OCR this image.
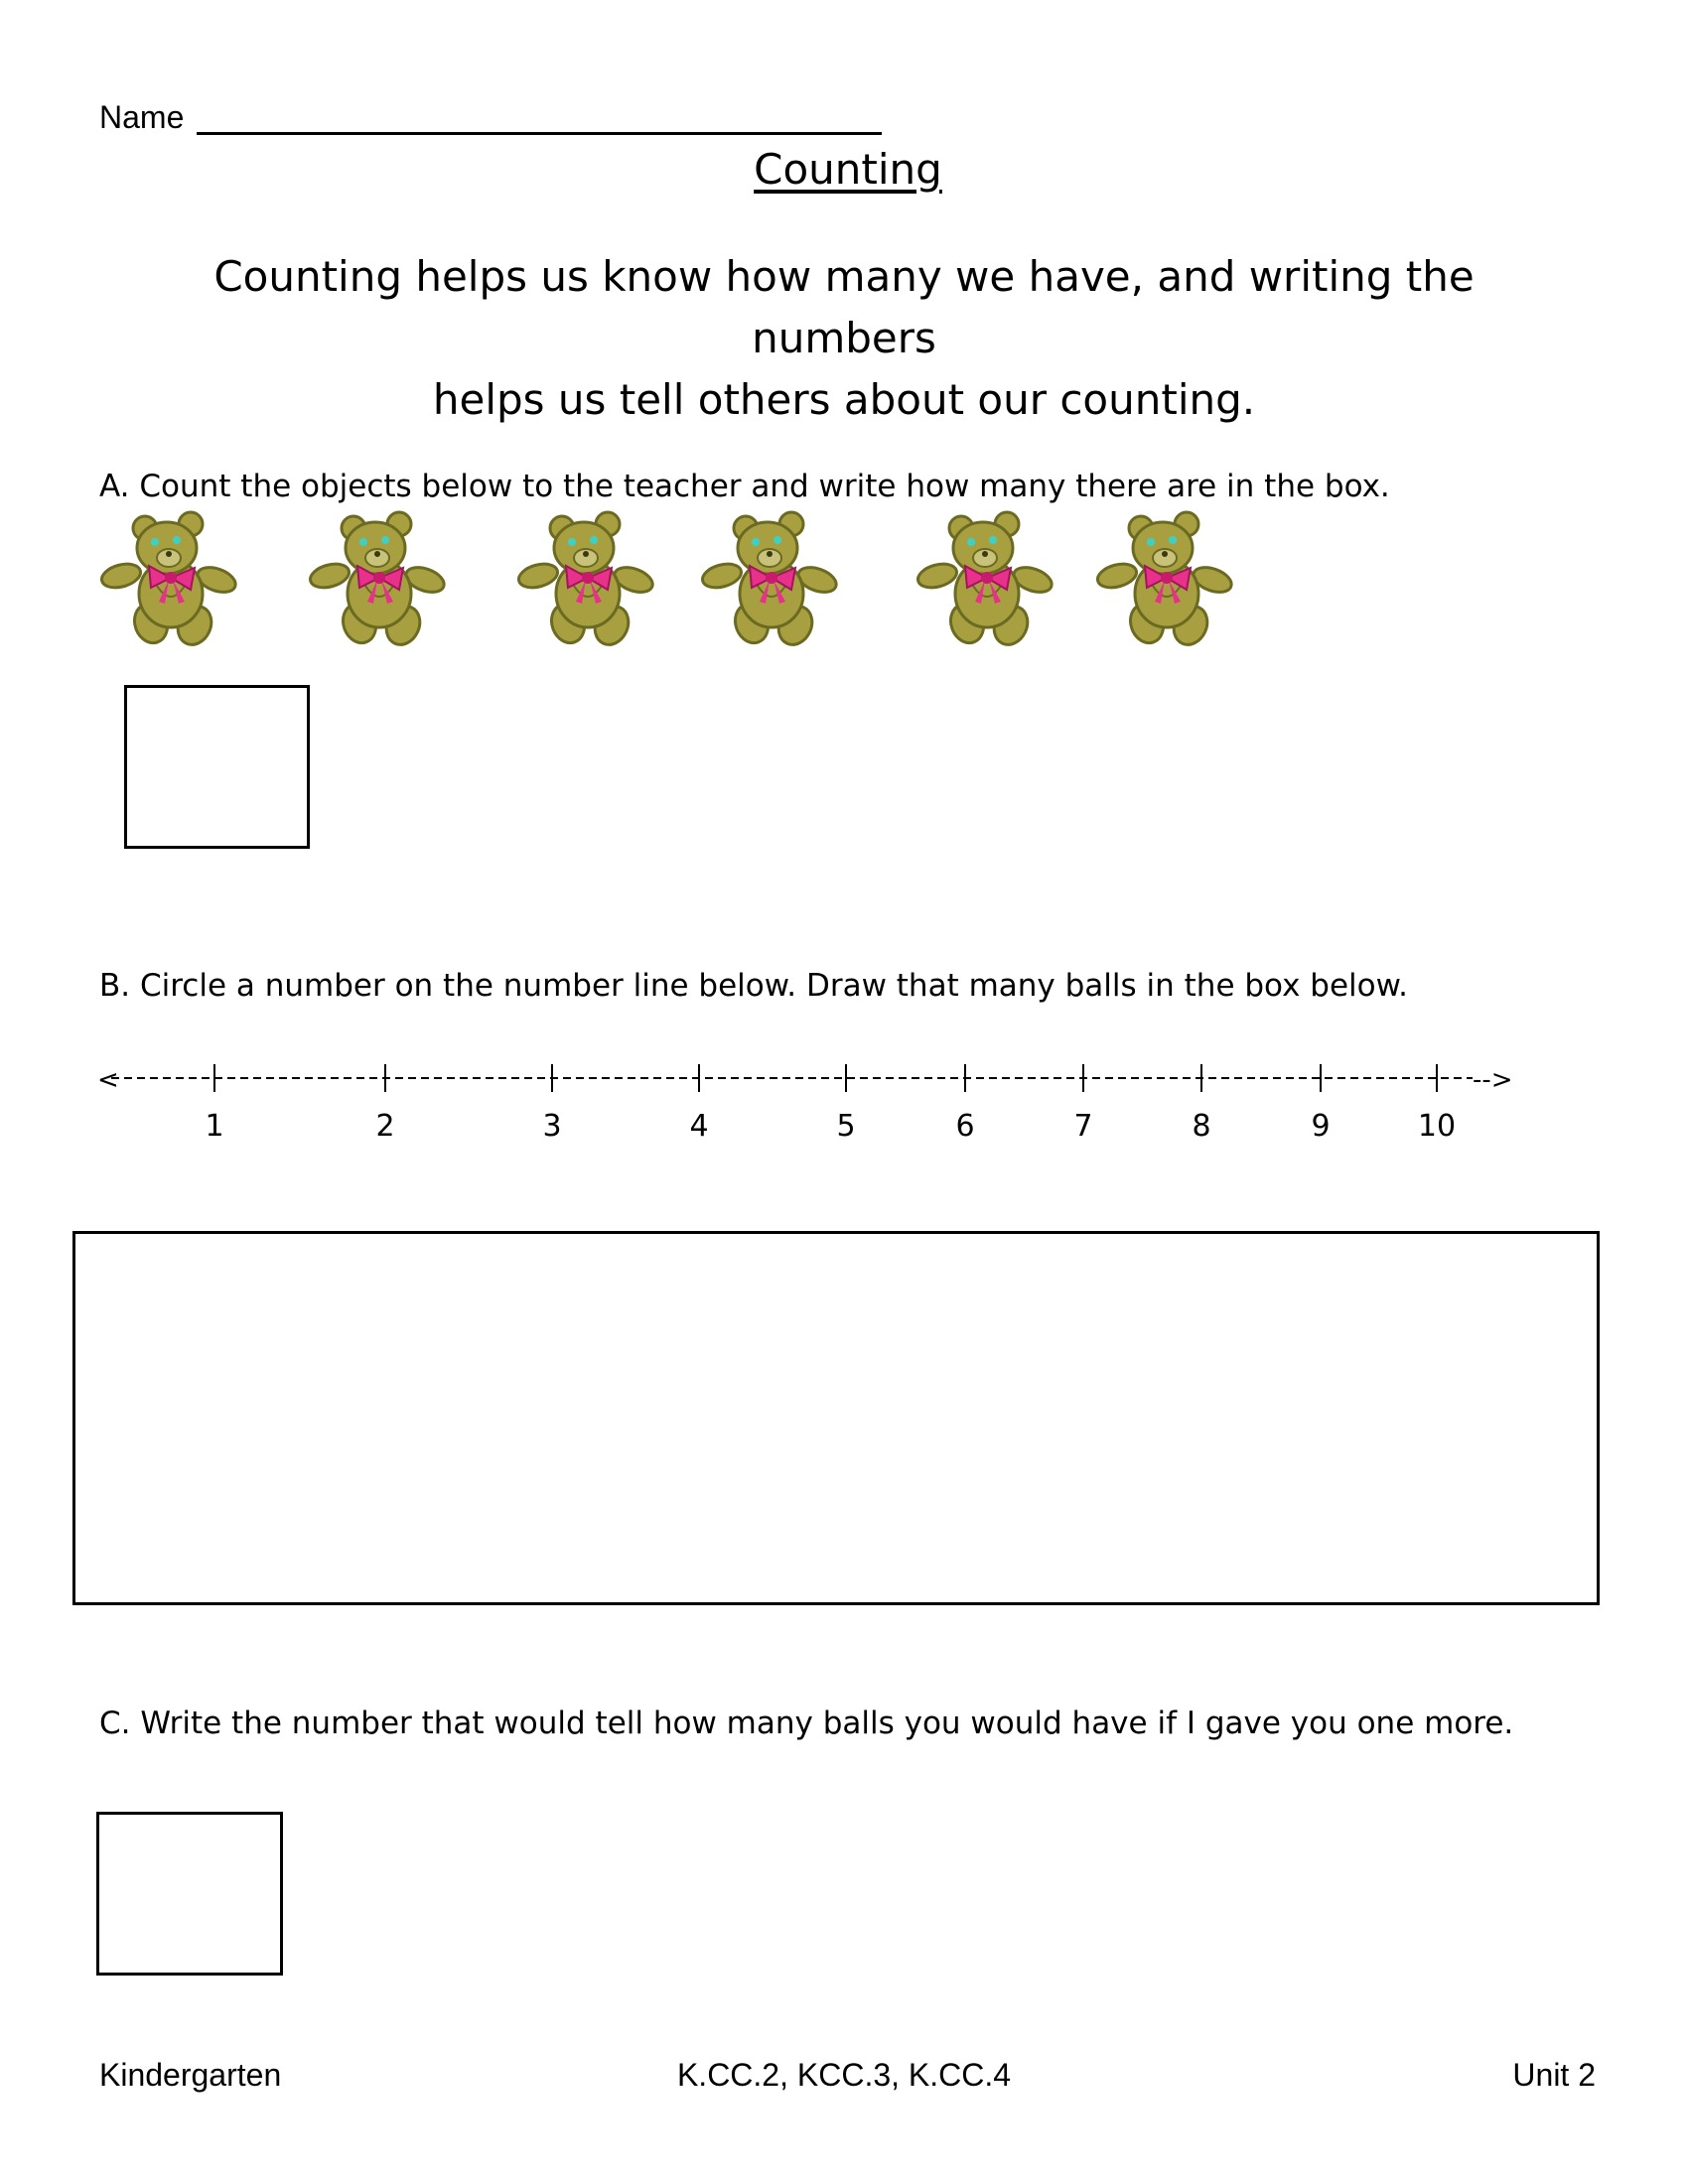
Name
Counting
Counting helps us know how many we have, and writing the numbers
helps us tell others about our counting.
A. Count the objects below to the teacher and write how many there are in the box.
B. Circle a number on the number line below. Draw that many balls in the box below.
<	-->
1	2	3	4	5	6	7	8	9	10
C. Write the number that would tell how many balls you would have if I gave you one more.
Kindergarten	K.CC.2, KCC.3, K.CC.4	Unit 2
